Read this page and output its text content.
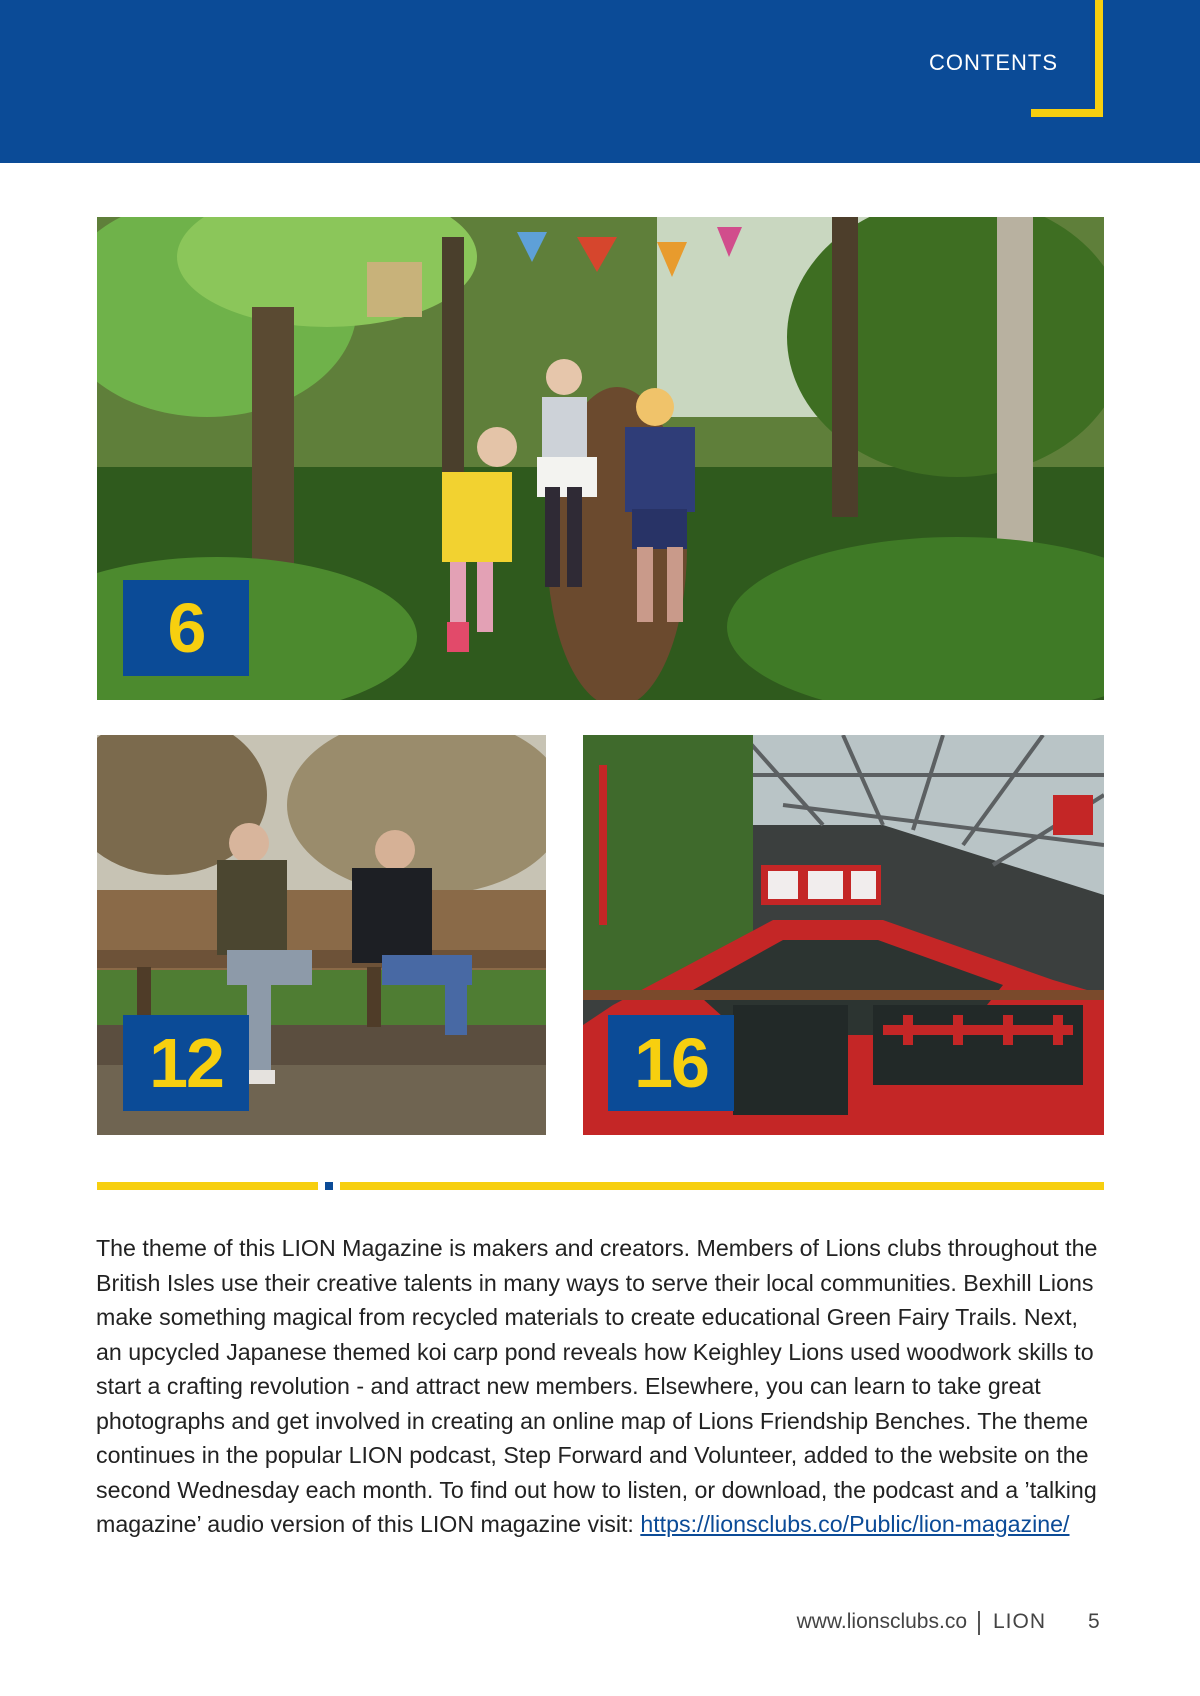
CONTENTS
6
12	16

The theme of this LION Magazine is makers and creators. Members of Lions clubs throughout the British Isles use their creative talents in many ways to serve their local communities. Bexhill Lions make something magical from recycled materials to create educational Green Fairy Trails. Next, an upcycled Japanese themed koi carp pond reveals how Keighley Lions used woodwork skills to start a crafting revolution - and attract new members. Elsewhere, you can learn to take great photographs and get involved in creating an online map of Lions Friendship Benches. The theme continues in the popular LION podcast, Step Forward and Volunteer, added to the website on the second Wednesday each month. To find out how to listen, or download, the podcast and a ’talking magazine’ audio version of this LION magazine visit: https://lionsclubs.co/Public/lion-magazine/

www.lionsclubs.co LION 5
